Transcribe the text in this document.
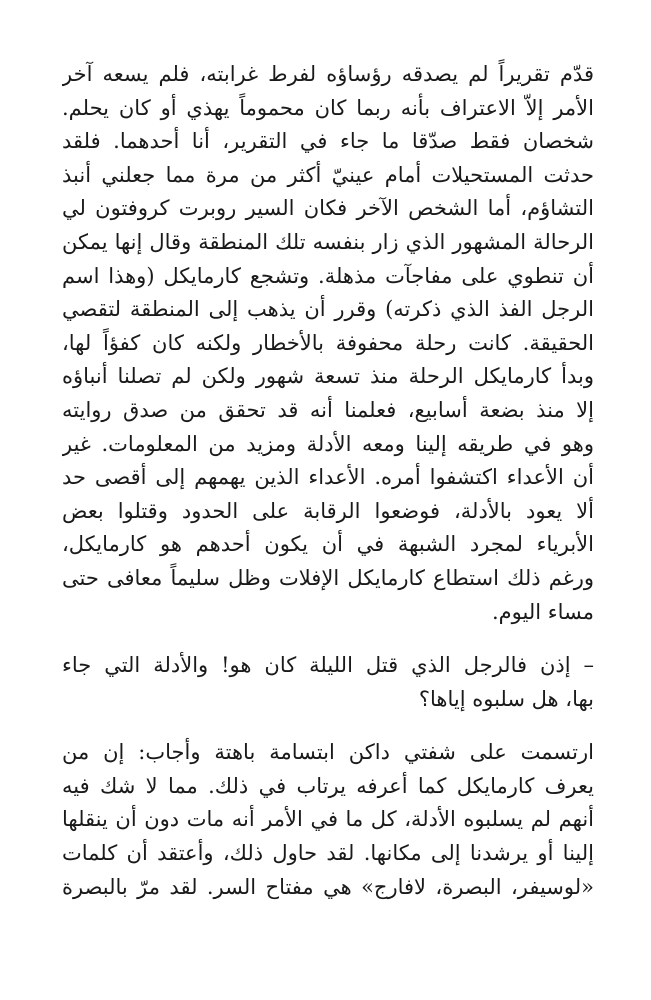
قدّم تقريراً لم يصدقه رؤساؤه لفرط غرابته، فلم يسعه آخر
الأمر إلاّ الاعتراف بأنه ربما كان محموماً يهذي أو كان يحلم.
شخصان فقط صدّقا ما جاء في التقرير، أنا أحدهما. فلقد
حدثت المستحيلات أمام عينيّ أكثر من مرة مما جعلني أنبذ
التشاؤم، أما الشخص الآخر فكان السير روبرت كروفتون لي
الرحالة المشهور الذي زار بنفسه تلك المنطقة وقال إنها يمكن
أن تنطوي على مفاجآت مذهلة. وتشجع كارمايكل (وهذا اسم
الرجل الفذ الذي ذكرته) وقرر أن يذهب إلى المنطقة لتقصي
الحقيقة. كانت رحلة محفوفة بالأخطار ولكنه كان كفؤاً لها،
وبدأ كارمايكل الرحلة منذ تسعة شهور ولكن لم تصلنا أنباؤه
إلا منذ بضعة أسابيع، فعلمنا أنه قد تحقق من صدق روايته
وهو في طريقه إلينا ومعه الأدلة ومزيد من المعلومات. غير
أن الأعداء اكتشفوا أمره. الأعداء الذين يهمهم إلى أقصى حد
ألا يعود بالأدلة، فوضعوا الرقابة على الحدود وقتلوا بعض
الأبرياء لمجرد الشبهة في أن يكون أحدهم هو كارمايكل،
ورغم ذلك استطاع كارمايكل الإفلات وظل سليماً معافى حتى
مساء اليوم.
– إذن فالرجل الذي قتل الليلة كان هو! والأدلة التي جاء
بها، هل سلبوه إياها؟
ارتسمت على شفتي داكن ابتسامة باهتة وأجاب: إن من
يعرف كارمايكل كما أعرفه يرتاب في ذلك. مما لا شك فيه
أنهم لم يسلبوه الأدلة، كل ما في الأمر أنه مات دون أن ينقلها
إلينا أو يرشدنا إلى مكانها. لقد حاول ذلك، وأعتقد أن كلمات
«لوسيفر، البصرة، لافارج» هي مفتاح السر. لقد مرّ بالبصرة
